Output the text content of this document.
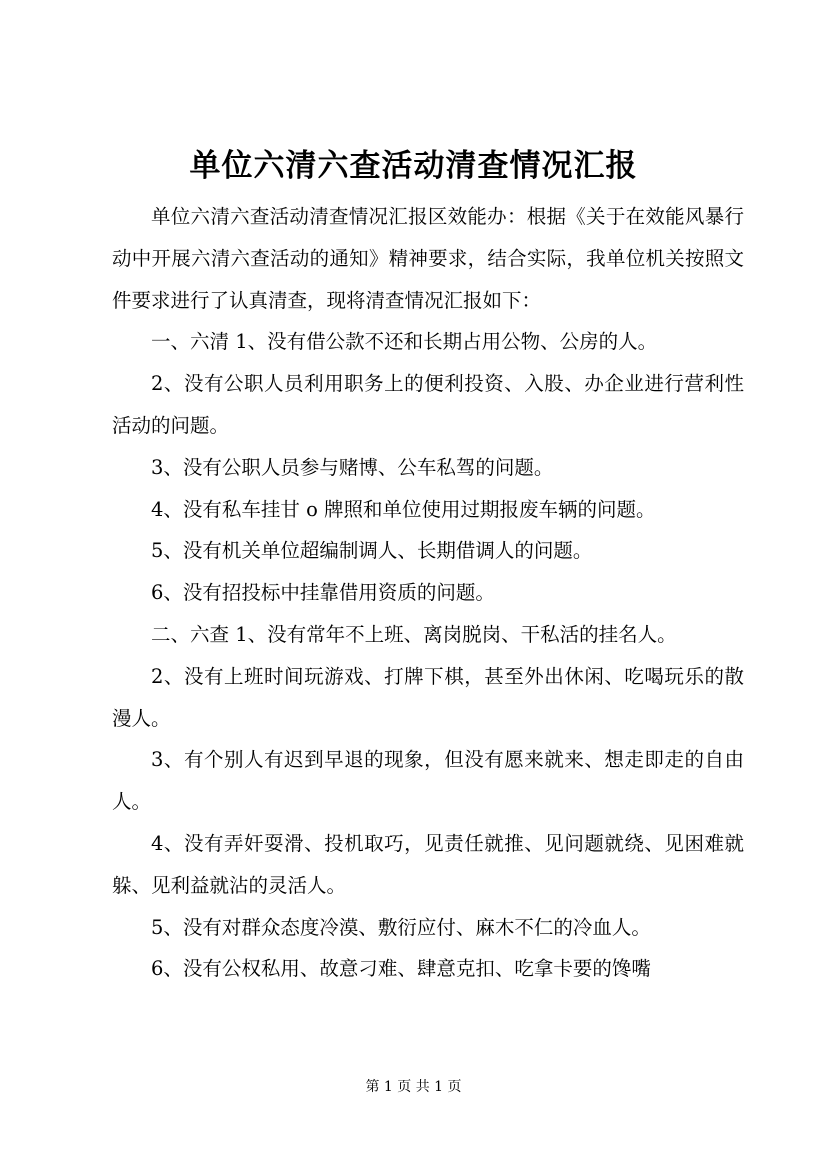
单位六清六查活动清查情况汇报

单位六清六查活动清查情况汇报区效能办：根据《关于在效能风暴行动中开展六清六查活动的通知》精神要求，结合实际，我单位机关按照文件要求进行了认真清查，现将清查情况汇报如下：

一、六清 1、没有借公款不还和长期占用公物、公房的人。

2、没有公职人员利用职务上的便利投资、入股、办企业进行营利性活动的问题。

3、没有公职人员参与赌博、公车私驾的问题。

4、没有私车挂甘 o 牌照和单位使用过期报废车辆的问题。

5、没有机关单位超编制调人、长期借调人的问题。

6、没有招投标中挂靠借用资质的问题。

二、六查 1、没有常年不上班、离岗脱岗、干私活的挂名人。

2、没有上班时间玩游戏、打牌下棋，甚至外出休闲、吃喝玩乐的散漫人。

3、有个别人有迟到早退的现象，但没有愿来就来、想走即走的自由人。

4、没有弄奸耍滑、投机取巧，见责任就推、见问题就绕、见困难就躲、见利益就沾的灵活人。

5、没有对群众态度冷漠、敷衍应付、麻木不仁的冷血人。

6、没有公权私用、故意刁难、肆意克扣、吃拿卡要的馋嘴

第 1 页 共 1 页
